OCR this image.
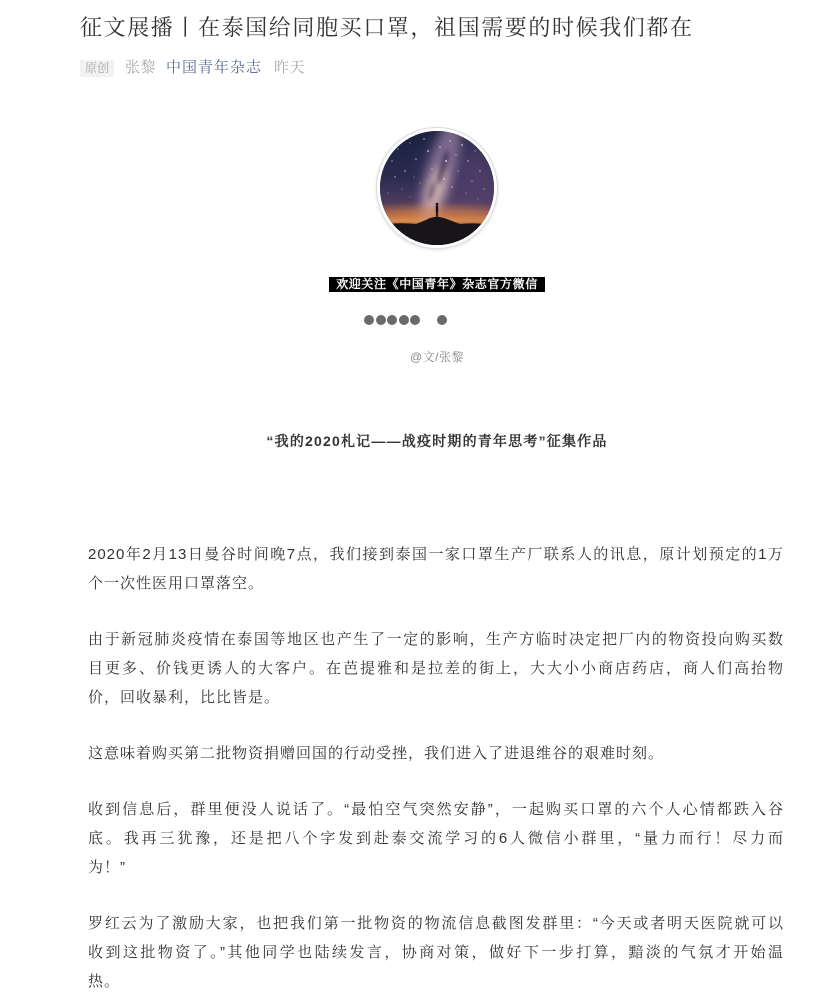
征文展播丨在泰国给同胞买口罩，祖国需要的时候我们都在
原创	张黎 中国青年杂志 昨天
欢迎关注《中国青年》杂志官方微信

@文/张黎
“我的2020札记——战疫时期的青年思考”征集作品

2020年2月13日曼谷时间晚7点，我们接到泰国一家口罩生产厂联系人的讯息，原计划预定的1万
个一次性医用口罩落空。

由于新冠肺炎疫情在泰国等地区也产生了一定的影响，生产方临时决定把厂内的物资投向购买数
目更多、价钱更诱人的大客户。在芭提雅和是拉差的街上，大大小小商店药店，商人们高抬物
价，回收暴利，比比皆是。

这意味着购买第二批物资捐赠回国的行动受挫，我们进入了进退维谷的艰难时刻。

收到信息后，群里便没人说话了。“最怕空气突然安静”，一起购买口罩的六个人心情都跌入谷
底。我再三犹豫，还是把八个字发到赴泰交流学习的6人微信小群里，“量力而行！尽力而
为！”

罗红云为了激励大家，也把我们第一批物资的物流信息截图发群里：“今天或者明天医院就可以
收到这批物资了。”其他同学也陆续发言，协商对策，做好下一步打算，黯淡的气氛才开始温
热。
